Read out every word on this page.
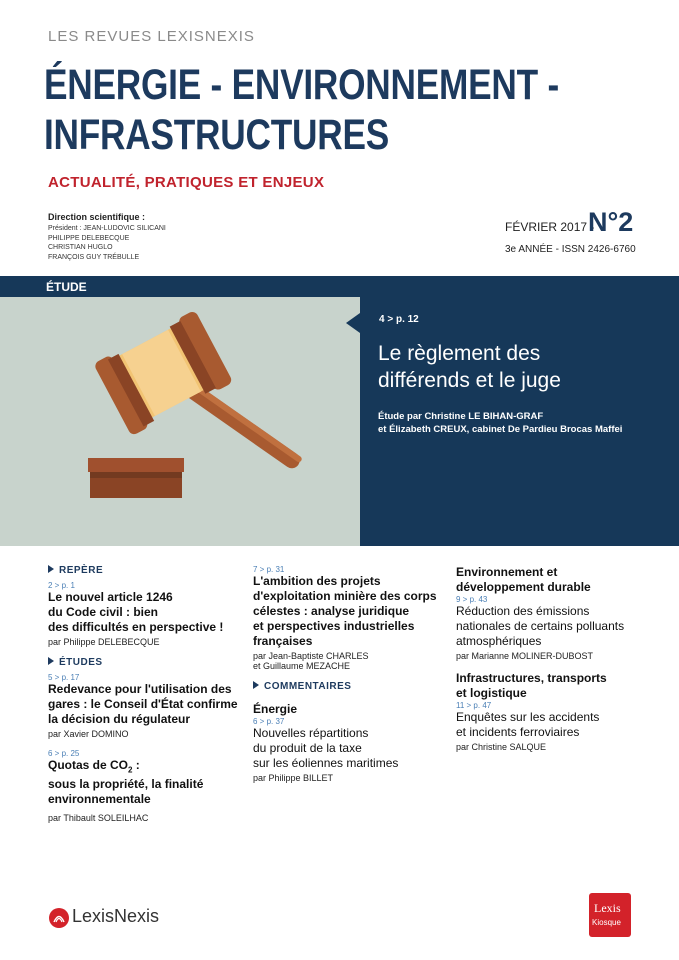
LES REVUES LEXISNEXIS
ÉNERGIE - ENVIRONNEMENT -
INFRASTRUCTURES
ACTUALITÉ, PRATIQUES ET ENJEUX
Direction scientifique :
Président : JEAN-LUDOVIC SILICANI
PHILIPPE DELEBECQUE
CHRISTIAN HUGLO
FRANÇOIS GUY TRÉBULLE
FÉVRIER 2017 -
N°2
3e ANNÉE - ISSN 2426-6760
ÉTUDE
4 > p. 12
Le règlement des
différends et le juge
Étude par Christine LE BIHAN-GRAF
et Élizabeth CREUX, cabinet De Pardieu Brocas Maffei
REPÈRE
2 > p. 1
Le nouvel article 1246
du Code civil : bien
des difficultés en perspective !
par Philippe DELEBECQUE
ÉTUDES
5 > p. 17
Redevance pour l'utilisation des
gares : le Conseil d'État confirme
la décision du régulateur
par Xavier DOMINO
6 > p. 25
Quotas de $CO_2$ :
sous la propriété, la finalité
environnementale
par Thibault SOLEILHAC
7 > p. 31
L'ambition des projets
d'exploitation minière des corps
célestes : analyse juridique
et perspectives industrielles
françaises
par Jean-Baptiste CHARLES
et Guillaume MEZACHE
COMMENTAIRES
Énergie
6 > p. 37
Nouvelles répartitions
du produit de la taxe
sur les éoliennes maritimes
par Philippe BILLET
Environnement et
développement durable
9 > p. 43
Réduction des émissions
nationales de certains polluants
atmosphériques
par Marianne MOLINER-DUBOST
Infrastructures, transports
et logistique
11 > p. 47
Enquêtes sur les accidents
et incidents ferroviaires
par Christine SALQUE
LexisNexis	Lexis
Kiosque
